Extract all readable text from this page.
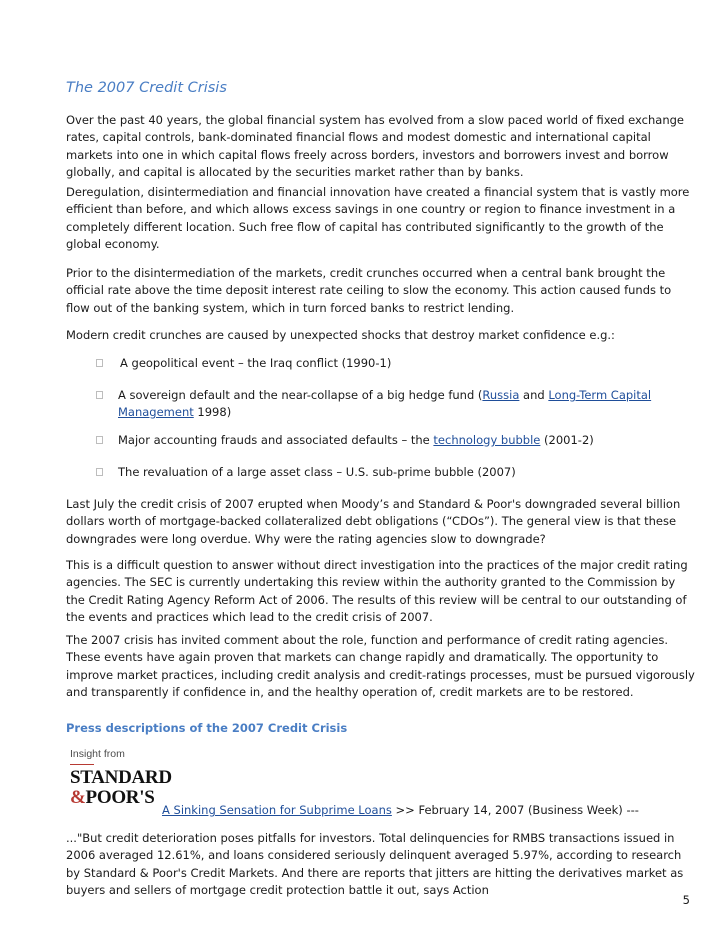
The 2007 Credit Crisis

Over the past 40 years, the global financial system has evolved from a slow paced world of fixed exchange rates, capital controls, bank-dominated financial flows and modest domestic and international capital markets into one in which capital flows freely across borders, investors and borrowers invest and borrow globally, and capital is allocated by the securities market rather than by banks.

Deregulation, disintermediation and financial innovation have created a financial system that is vastly more efficient than before, and which allows excess savings in one country or region to finance investment in a completely different location. Such free flow of capital has contributed significantly to the growth of the global economy.

Prior to the disintermediation of the markets, credit crunches occurred when a central bank brought the official rate above the time deposit interest rate ceiling to slow the economy. This action caused funds to flow out of the banking system, which in turn forced banks to restrict lending.

Modern credit crunches are caused by unexpected shocks that destroy market confidence e.g.:

A geopolitical event – the Iraq conflict (1990-1)
A sovereign default and the near-collapse of a big hedge fund (Russia and Long-Term Capital Management 1998)
Major accounting frauds and associated defaults – the technology bubble (2001-2)
The revaluation of a large asset class – U.S. sub-prime bubble (2007)

Last July the credit crisis of 2007 erupted when Moody’s and Standard & Poor's downgraded several billion dollars worth of mortgage-backed collateralized debt obligations (“CDOs”). The general view is that these downgrades were long overdue. Why were the rating agencies slow to downgrade?

This is a difficult question to answer without direct investigation into the practices of the major credit rating agencies. The SEC is currently undertaking this review within the authority granted to the Commission by the Credit Rating Agency Reform Act of 2006. The results of this review will be central to our outstanding of the events and practices which lead to the credit crisis of 2007.

The 2007 crisis has invited comment about the role, function and performance of credit rating agencies. These events have again proven that markets can change rapidly and dramatically. The opportunity to improve market practices, including credit analysis and credit-ratings processes, must be pursued vigorously and transparently if confidence in, and the healthy operation of, credit markets are to be restored.

Press descriptions of the 2007 Credit Crisis
Insight from
STANDARD
&POOR'S
A Sinking Sensation for Subprime Loans >> February 14, 2007 (Business Week) ---

..."But credit deterioration poses pitfalls for investors. Total delinquencies for RMBS transactions issued in 2006 averaged 12.61%, and loans considered seriously delinquent averaged 5.97%, according to research by Standard & Poor's Credit Markets. And there are reports that jitters are hitting the derivatives market as buyers and sellers of mortgage credit protection battle it out, says Action

5
